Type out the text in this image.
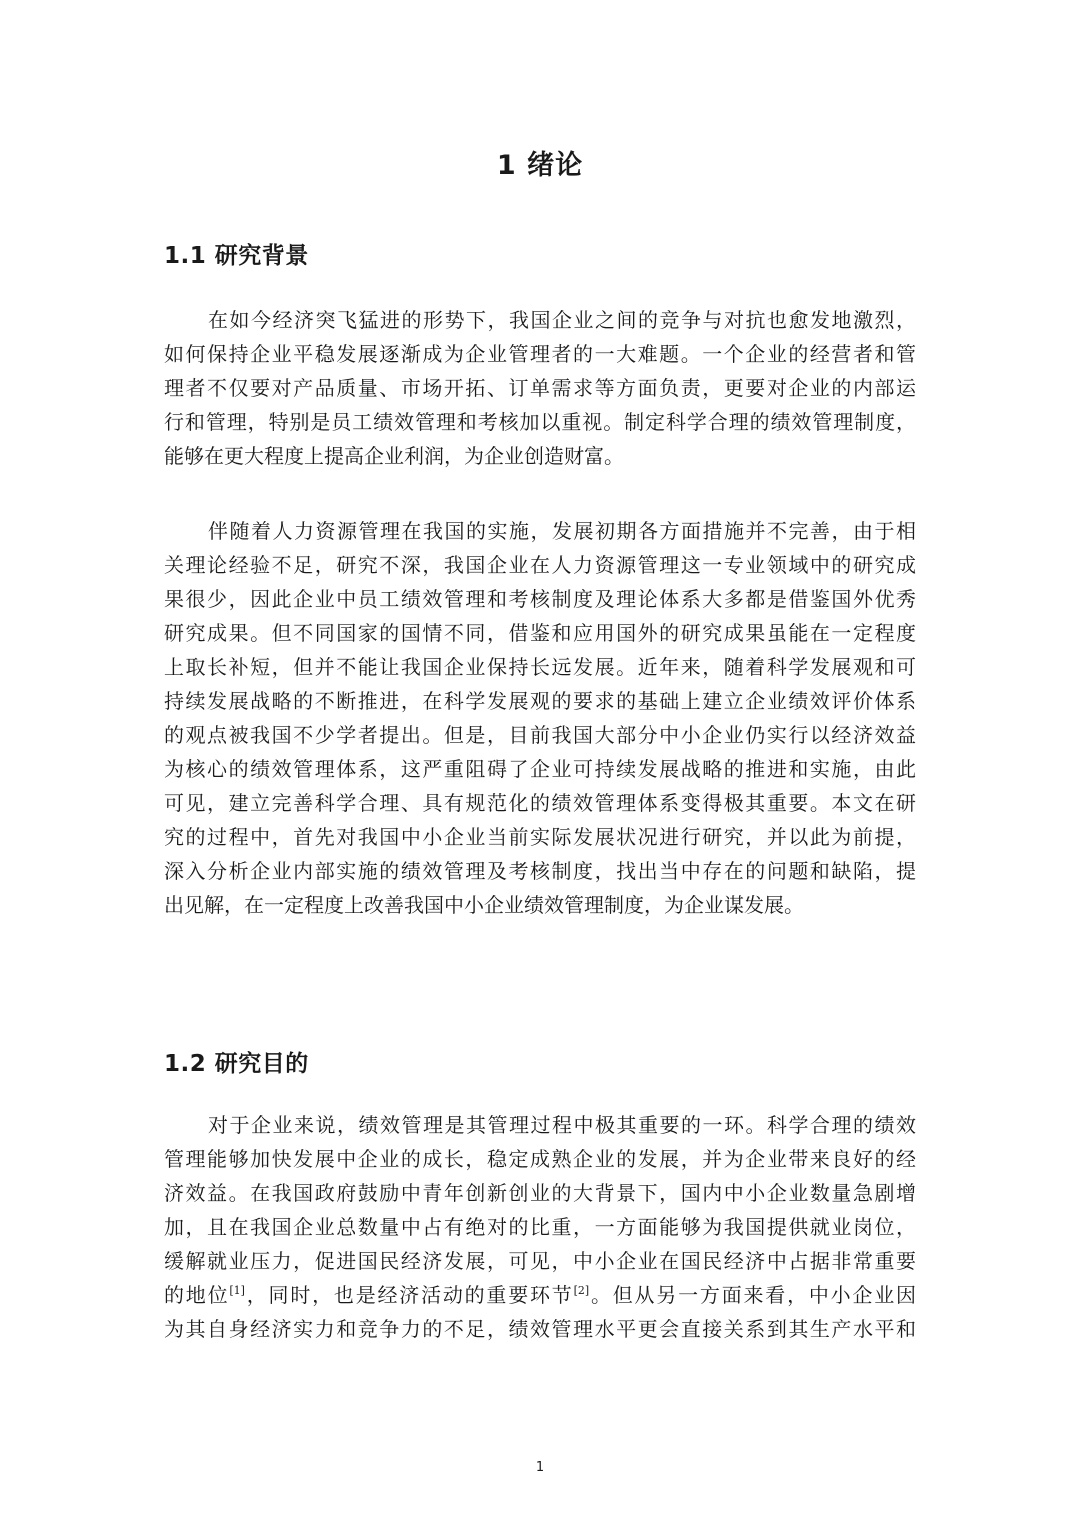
1 绪论
1.1 研究背景
在如今经济突飞猛进的形势下，我国企业之间的竞争与对抗也愈发地激烈，
如何保持企业平稳发展逐渐成为企业管理者的一大难题。一个企业的经营者和管
理者不仅要对产品质量、市场开拓、订单需求等方面负责，更要对企业的内部运
行和管理，特别是员工绩效管理和考核加以重视。制定科学合理的绩效管理制度，
能够在更大程度上提高企业利润，为企业创造财富。
伴随着人力资源管理在我国的实施，发展初期各方面措施并不完善，由于相
关理论经验不足，研究不深，我国企业在人力资源管理这一专业领域中的研究成
果很少，因此企业中员工绩效管理和考核制度及理论体系大多都是借鉴国外优秀
研究成果。但不同国家的国情不同，借鉴和应用国外的研究成果虽能在一定程度
上取长补短，但并不能让我国企业保持长远发展。近年来，随着科学发展观和可
持续发展战略的不断推进，在科学发展观的要求的基础上建立企业绩效评价体系
的观点被我国不少学者提出。但是，目前我国大部分中小企业仍实行以经济效益
为核心的绩效管理体系，这严重阻碍了企业可持续发展战略的推进和实施，由此
可见，建立完善科学合理、具有规范化的绩效管理体系变得极其重要。本文在研
究的过程中，首先对我国中小企业当前实际发展状况进行研究，并以此为前提，
深入分析企业内部实施的绩效管理及考核制度，找出当中存在的问题和缺陷，提
出见解，在一定程度上改善我国中小企业绩效管理制度，为企业谋发展。
1.2 研究目的
对于企业来说，绩效管理是其管理过程中极其重要的一环。科学合理的绩效
管理能够加快发展中企业的成长，稳定成熟企业的发展，并为企业带来良好的经
济效益。在我国政府鼓励中青年创新创业的大背景下，国内中小企业数量急剧增
加，且在我国企业总数量中占有绝对的比重，一方面能够为我国提供就业岗位，
缓解就业压力，促进国民经济发展，可见，中小企业在国民经济中占据非常重要
的地位[1]，同时，也是经济活动的重要环节[2]。但从另一方面来看，中小企业因
为其自身经济实力和竞争力的不足，绩效管理水平更会直接关系到其生产水平和
1
